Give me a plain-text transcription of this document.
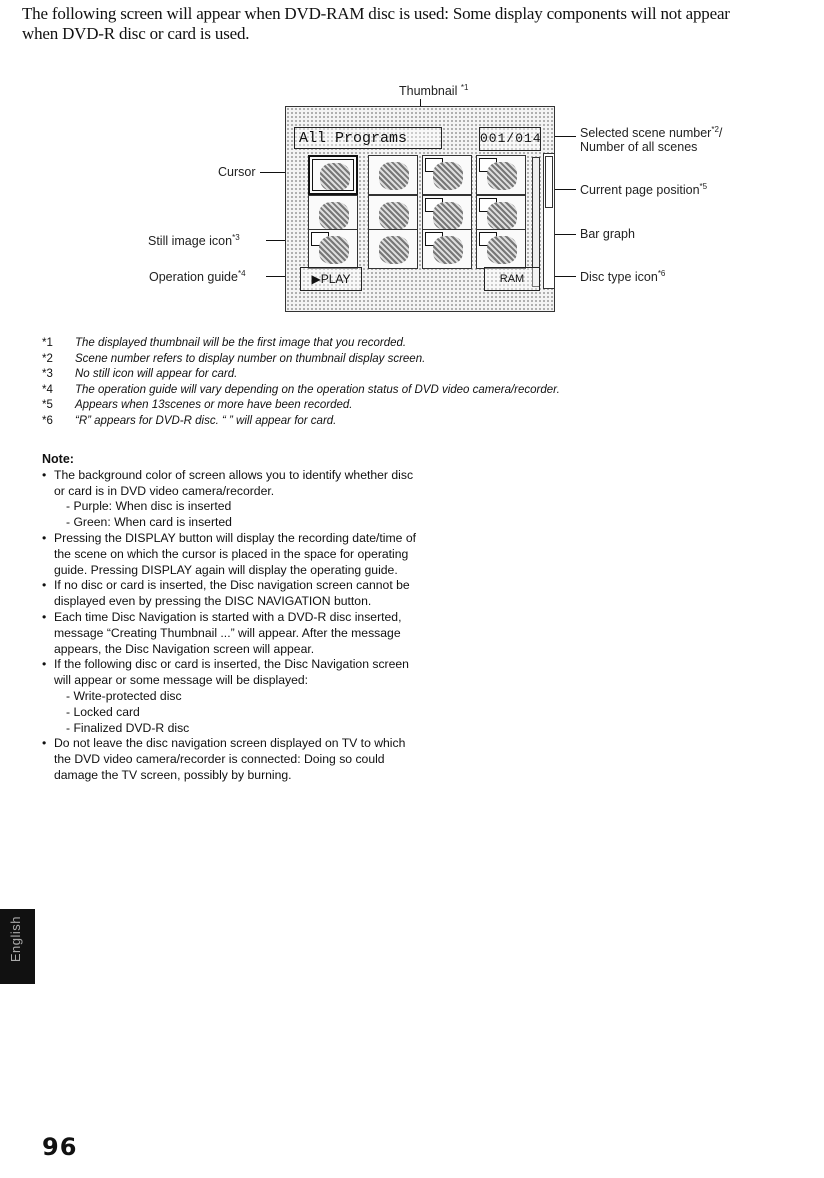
The following screen will appear when DVD-RAM disc is used: Some display components will not appear

when DVD-R disc or card is used.

Thumbnail $^{*1}$
Cursor
Still image icon$^{*3}$
Operation guide$^{*4}$
Selected scene number$^{*2}$/
Number of all scenes
Current page position$^{*5}$
Bar graph
Disc type icon$^{*6}$
All Programs	001/014
▶PLAY	RAM
*1	The displayed thumbnail will be the first image that you recorded.
*2	Scene number refers to display number on thumbnail display screen.
*3	No still icon will appear for card.
*4	The operation guide will vary depending on the operation status of DVD video camera/recorder.
*5	Appears when 13scenes or more have been recorded.
*6	“R” appears for DVD-R disc. “ ” will appear for card.
Note:
• The background color of screen allows you to identify whether disc or card is in DVD video camera/recorder.
- Purple: When disc is inserted
- Green: When card is inserted
• Pressing the DISPLAY button will display the recording date/time of the scene on which the cursor is placed in the space for operating guide. Pressing DISPLAY again will display the operating guide.
• If no disc or card is inserted, the Disc navigation screen cannot be displayed even by pressing the DISC NAVIGATION button.
• Each time Disc Navigation is started with a DVD-R disc inserted, message “Creating Thumbnail ...” will appear. After the message appears, the Disc Navigation screen will appear.
• If the following disc or card is inserted, the Disc Navigation screen will appear or some message will be displayed:
- Write-protected disc
- Locked card
- Finalized DVD-R disc
• Do not leave the disc navigation screen displayed on TV to which the DVD video camera/recorder is connected: Doing so could damage the TV screen, possibly by burning.
English
96
